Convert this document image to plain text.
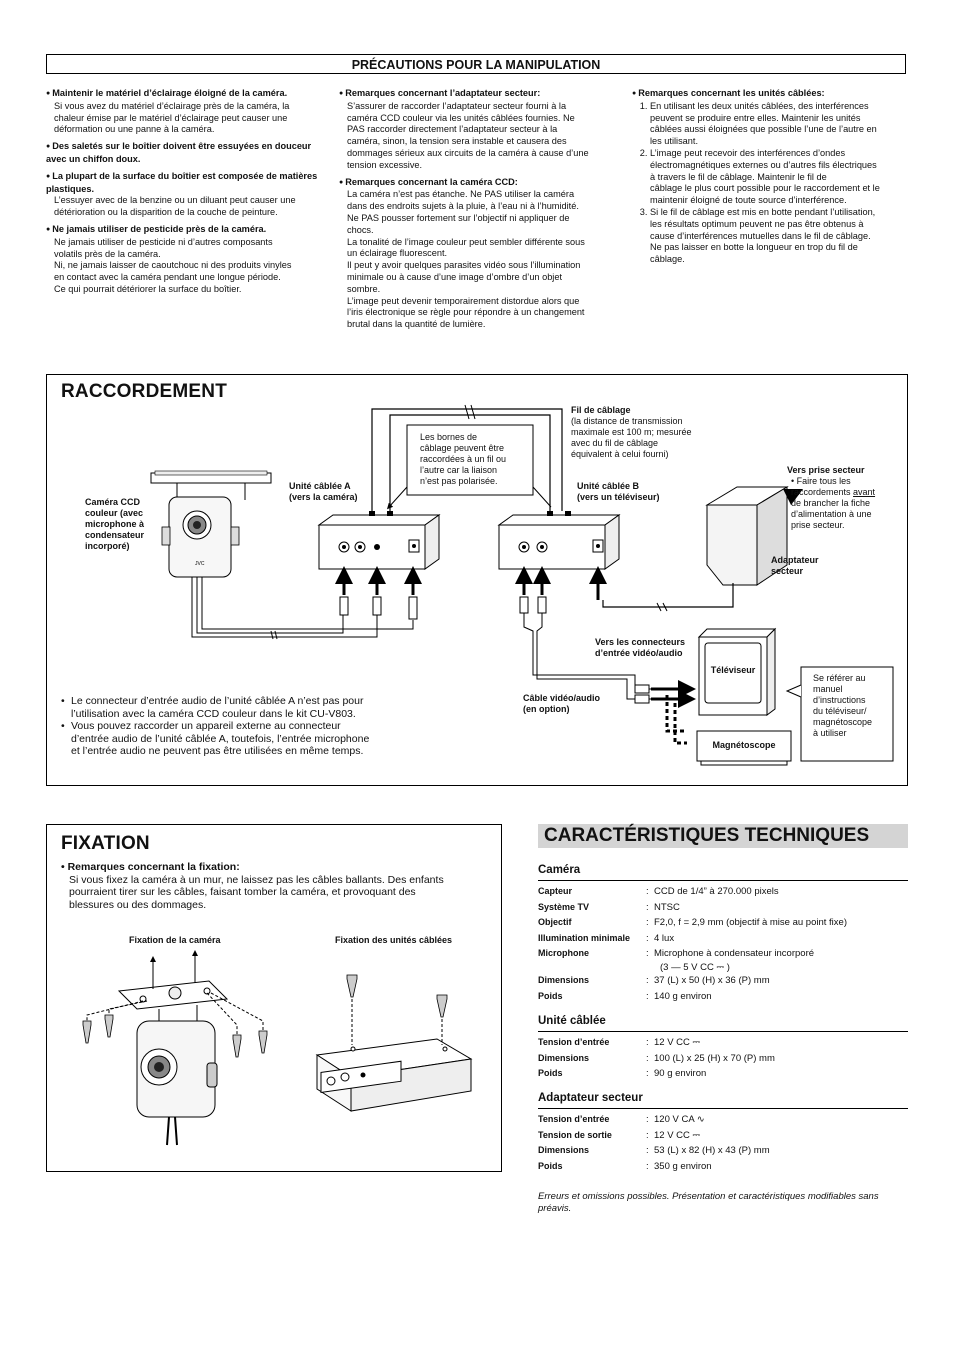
PRÉCAUTIONS POUR LA MANIPULATION
● Maintenir le matériel d’éclairage éloigné de la caméra.
Si vous avez du matériel d’éclairage près de la caméra, la
chaleur émise par le matériel d’éclairage peut causer une
déformation ou une panne à la caméra.
● Des saletés sur le boîtier doivent être essuyées en douceur avec un chiffon doux.
● La plupart de la surface du boîtier est composée de matières plastiques.
L’essuyer avec de la benzine ou un diluant peut causer une
détérioration ou la disparition de la couche de peinture.
● Ne jamais utiliser de pesticide près de la caméra.
Ne jamais utiliser de pesticide ni d’autres composants
volatils près de la caméra.
Ni, ne jamais laisser de caoutchouc ni des produits vinyles
en contact avec la caméra pendant une longue période.
Ce qui pourrait détériorer la surface du boîtier.
● Remarques concernant l’adaptateur secteur:
S’assurer de raccorder l’adaptateur secteur fourni à la
caméra CCD couleur via les unités câblées fournies. Ne
PAS raccorder directement l’adaptateur secteur à la
caméra, sinon, la tension sera instable et causera des
dommages sérieux aux circuits de la caméra à cause d’une
tension excessive.
● Remarques concernant la caméra CCD:
La caméra n’est pas étanche. Ne PAS utiliser la caméra
dans des endroits sujets à la pluie, à l’eau ni à l’humidité.
Ne PAS pousser fortement sur l’objectif ni appliquer de
chocs.
La tonalité de l’image couleur peut sembler différente sous
un éclairage fluorescent.
Il peut y avoir quelques parasites vidéo sous l’illumination
minimale ou à cause d’une image d’ombre d’un objet
sombre.
L’image peut devenir temporairement distordue alors que
l’iris électronique se règle pour répondre à un changement
brutal dans la quantité de lumière.
● Remarques concernant les unités câblées:
1. En utilisant les deux unités câblées, des interférences
peuvent se produire entre elles. Maintenir les unités
câblées aussi éloignées que possible l’une de l’autre en
les utilisant.
2. L’image peut recevoir des interférences d’ondes
électromagnétiques externes ou d’autres fils électriques
à travers le fil de câblage. Maintenir le fil de
câblage le plus court possible pour le raccordement et le
maintenir éloigné de toute source d’interférence.
3. Si le fil de câblage est mis en botte pendant l’utilisation,
les résultats optimum peuvent ne pas être obtenus à
cause d’interférences mutuelles dans le fil de câblage.
Ne pas laisser en botte la longueur en trop du fil de
câblage.
RACCORDEMENT
JVC
Caméra CCD
couleur (avec
microphone à
condensateur
incorporé)
Unité câblée A
(vers la caméra)
Les bornes de
câblage peuvent être
raccordées à un fil ou
l’autre car la liaison
n’est pas polarisée.
Fil de câblage
(la distance de transmission
maximale est 100 m; mesurée
avec du fil de câblage
équivalent à celui fourni)
Unité câblée B
(vers un téléviseur)
Vers prise secteur
• Faire tous les
raccordements avant
de brancher la fiche
d’alimentation à une
prise secteur.
Adaptateur
secteur
Vers les connecteurs
d’entrée vidéo/audio
Téléviseur
Magnétoscope
Câble vidéo/audio
(en option)
Se référer au
manuel
d’instructions
du téléviseur/
magnétoscope
à utiliser
• Le connecteur d’entrée audio de l’unité câblée A n’est pas pour
l’utilisation avec la caméra CCD couleur dans le kit CU-V803.
• Vous pouvez raccorder un appareil externe au connecteur
d’entrée audio de l’unité câblée A, toutefois, l’entrée microphone
et l’entrée audio ne peuvent pas être utilisées en même temps.
FIXATION
• Remarques concernant la fixation:
Si vous fixez la caméra à un mur, ne laissez pas les câbles ballants. Des enfants
pourraient tirer sur les câbles, faisant tomber la caméra, et provoquant des
blessures ou des dommages.
Fixation de la caméra	Fixation des unités câblées
CARACTÉRISTIQUES TECHNIQUES
Caméra
Capteur	:	CCD de 1/4” à 270.000 pixels
Système TV	:	NTSC
Objectif	:	F2,0, f = 2,9 mm (objectif à mise au point fixe)
Illumination minimale	:	4 lux
Microphone	:	Microphone à condensateur incorporé
		(3 — 5 V CC ⎓ )
Dimensions	:	37 (L) x 50 (H) x 36 (P) mm
Poids	:	140 g environ
Unité câblée
Tension d’entrée	:	12 V CC ⎓
Dimensions	:	100 (L) x 25 (H) x 70 (P) mm
Poids	:	90 g environ
Adaptateur secteur
Tension d’entrée	:	120 V CA ∿
Tension de sortie	:	12 V CC ⎓
Dimensions	:	53 (L) x 82 (H) x 43 (P) mm
Poids	:	350 g environ
Erreurs et omissions possibles. Présentation et caractéristiques modifiables sans
préavis.
